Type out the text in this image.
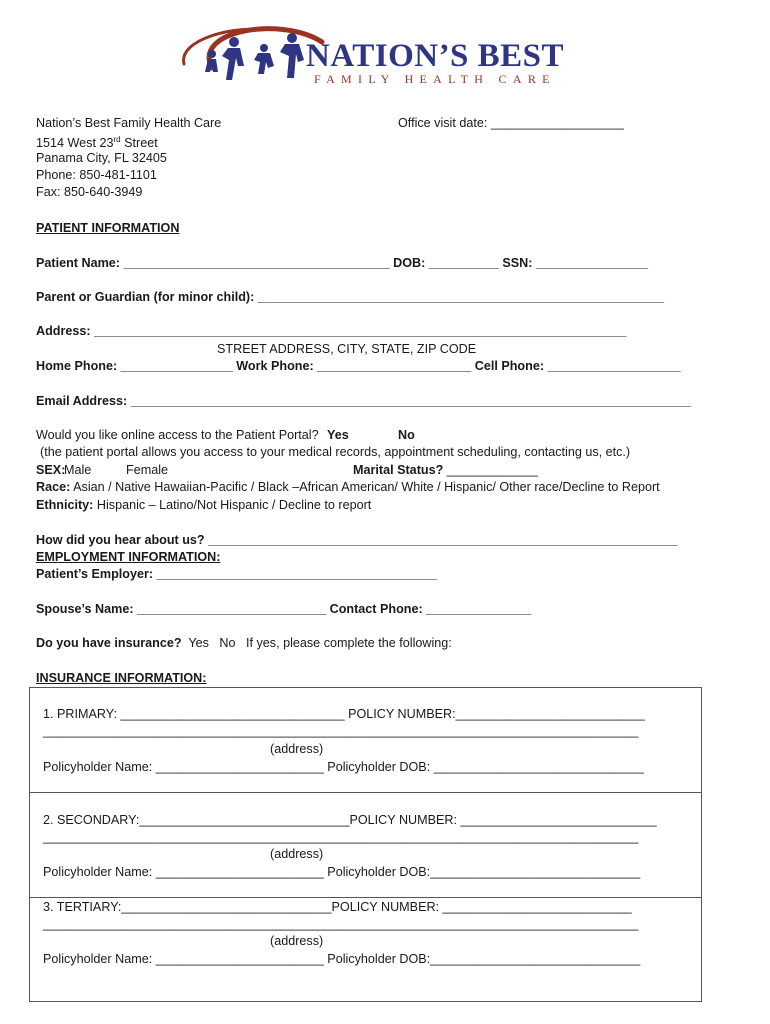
NATION’S BEST
FAMILY HEALTH CARE
Nation’s Best Family Health Care
1514 West 23rd Street
Panama City, FL 32405
Phone: 850-481-1101
Fax: 850-640-3949
Office visit date: ___________________
PATIENT INFORMATION
Patient Name: ______________________________________ DOB: __________ SSN: ________________
Parent or Guardian (for minor child): __________________________________________________________
Address: ____________________________________________________________________________
STREET ADDRESS, CITY, STATE, ZIP CODE
Home Phone: ________________ Work Phone: ______________________ Cell Phone: ___________________
Email Address: ________________________________________________________________________________
Would you like online access to the Patient Portal? Yes	No
(the patient portal allows you access to your medical records, appointment scheduling, contacting us, etc.)
SEX:
Male	Female	Marital Status? _____________
Race: Asian / Native Hawaiian-Pacific / Black –African American/ White / Hispanic/ Other race/Decline to Report
Ethnicity: Hispanic – Latino/Not Hispanic / Decline to report
How did you hear about us? ___________________________________________________________________
EMPLOYMENT INFORMATION:
Patient’s Employer: ________________________________________
Spouse’s Name: ___________________________ Contact Phone: _______________
Do you have insurance?  Yes   No   If yes, please complete the following:
INSURANCE INFORMATION:
1. PRIMARY: ________________________________ POLICY NUMBER:___________________________
_____________________________________________________________________________________
(address)
Policyholder Name: ________________________ Policyholder DOB: ______________________________
2. SECONDARY:______________________________POLICY NUMBER: ____________________________
_____________________________________________________________________________________
(address)
Policyholder Name: ________________________ Policyholder DOB:______________________________
3. TERTIARY:______________________________POLICY NUMBER: ___________________________
_____________________________________________________________________________________
(address)
Policyholder Name: ________________________ Policyholder DOB:______________________________
